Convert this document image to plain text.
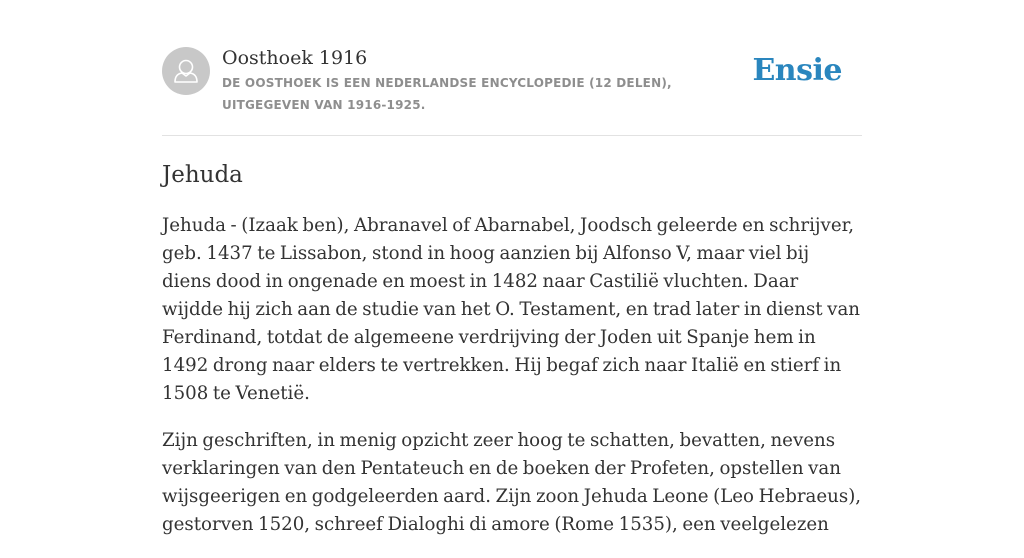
Oosthoek 1916
DE OOSTHOEK IS EEN NEDERLANDSE ENCYCLOPEDIE (12 DELEN), UITGEGEVEN VAN 1916-1925.
Ensie
Jehuda

Jehuda - (Izaak ben), Abranavel of Abarnabel, Joodsch geleerde en schrijver, geb. 1437 te Lissabon, stond in hoog aanzien bij Alfonso V, maar viel bij diens dood in ongenade en moest in 1482 naar Castilië vluchten. Daar wijdde hij zich aan de studie van het O. Testament, en trad later in dienst van Ferdinand, totdat de algemeene verdrijving der Joden uit Spanje hem in 1492 drong naar elders te vertrekken. Hij begaf zich naar Italië en stierf in 1508 te Venetië.

Zijn geschriften, in menig opzicht zeer hoog te schatten, bevatten, nevens verklaringen van den Pentateuch en de boeken der Profeten, opstellen van wijsgeerigen en godgeleerden aard. Zijn zoon Jehuda Leone (Leo Hebraeus), gestorven 1520, schreef Dialoghi di amore (Rome 1535), een veelgelezen
